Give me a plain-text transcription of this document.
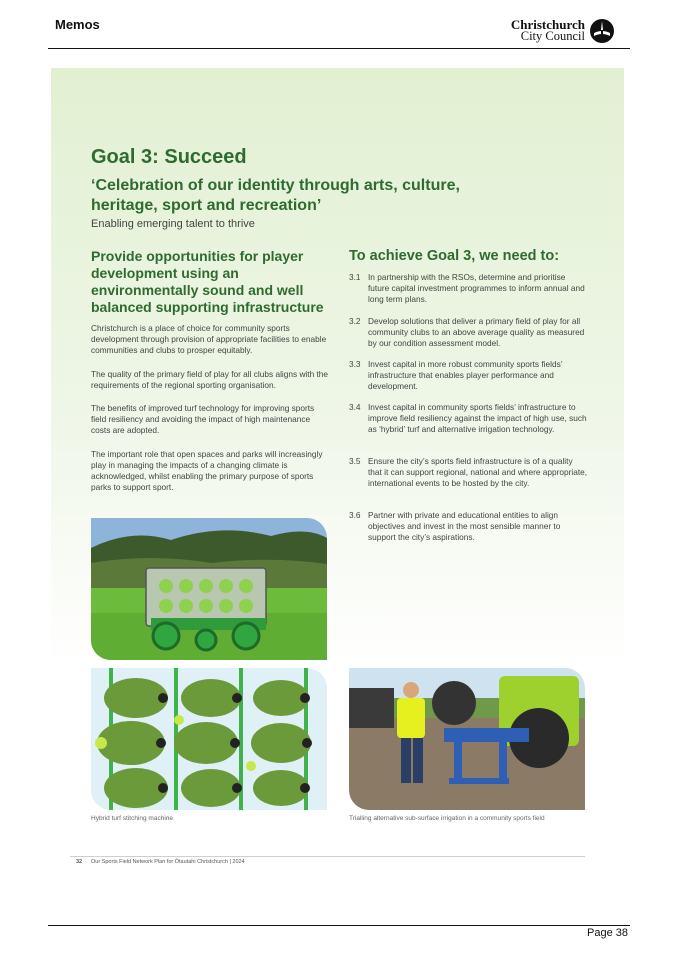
Memos	Christchurch
City Council
Goal 3: Succeed
‘Celebration of our identity through arts, culture, heritage, sport and recreation’
Enabling emerging talent to thrive
Provide opportunities for player development using an environmentally sound and well balanced supporting infrastructure
Christchurch is a place of choice for community sports development through provision of appropriate facilities to enable communities and clubs to prosper equitably.
The quality of the primary field of play for all clubs aligns with the requirements of the regional sporting organisation.
The benefits of improved turf technology for improving sports field resiliency and avoiding the impact of high maintenance costs are adopted.
The important role that open spaces and parks will increasingly play in managing the impacts of a changing climate is acknowledged, whilst enabling the primary purpose of sports parks to support sport.
To achieve Goal 3, we need to:
3.1 In partnership with the RSOs, determine and prioritise future capital investment programmes to inform annual and long term plans.
3.2 Develop solutions that deliver a primary field of play for all community clubs to an above average quality as measured by our condition assessment model.
3.3 Invest capital in more robust community sports fields’ infrastructure that enables player performance and development.
3.4 Invest capital in community sports fields’ infrastructure to improve field resiliency against the impact of high use, such as ‘hybrid’ turf and alternative irrigation technology.
3.5 Ensure the city’s sports field infrastructure is of a quality that it can support regional, national and where appropriate, international events to be hosted by the city.
3.6 Partner with private and educational entities to align objectives and invest in the most sensible manner to support the city’s aspirations.
Hybrid turf stitching machine	Trialling alternative sub-surface irrigation in a community sports field
32 Our Sports Field Network Plan for Ōtautahi Christchurch | 2024
Page 38
